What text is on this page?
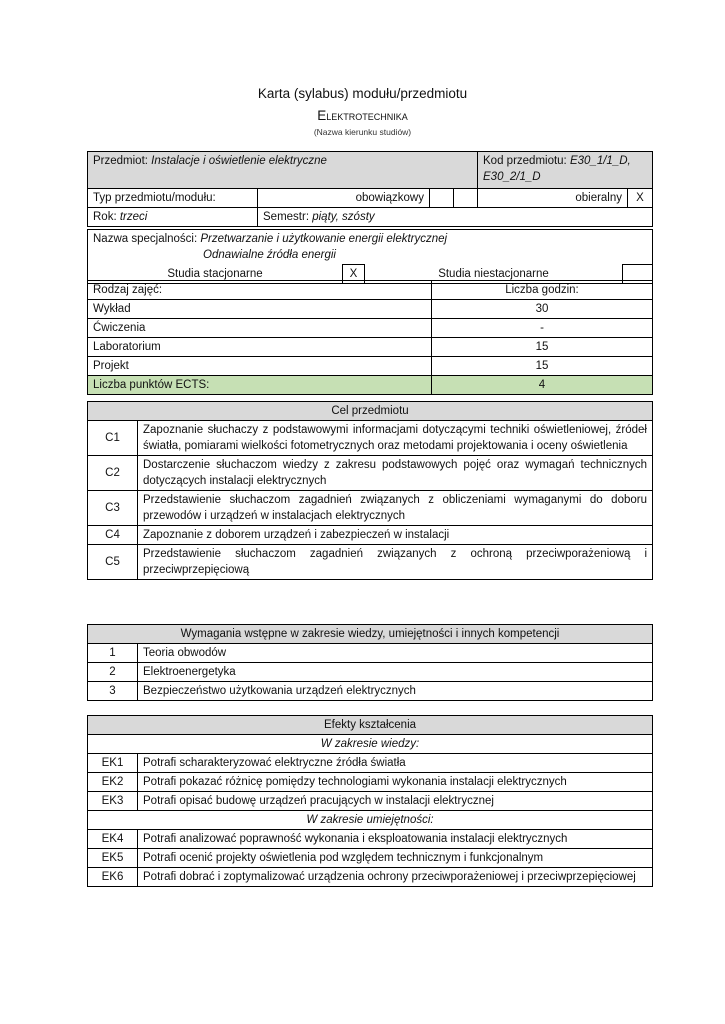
Karta (sylabus) modułu/przedmiotu
Elektrotechnika
(Nazwa kierunku studiów)
Przedmiot: Instalacje i oświetlenie elektryczne				Kod przedmiotu: E30_1/1_D, E30_2/1_D	
Typ przedmiotu/modułu:	obowiązkowy			obieralny	X
Rok: trzeci	Semestr: piąty, szósty				
Nazwa specjalności: Przetwarzanie i użytkowanie energii elektrycznej
Odnawialne źródła energii
Studia stacjonarne	X	Studia niestacjonarne	
Rodzaj zajęć:	Liczba godzin:
Wykład	30
Ćwiczenia	-
Laboratorium	15
Projekt	15
Liczba punktów ECTS:	4
Cel przedmiotu	
C1	Zapoznanie słuchaczy z podstawowymi informacjami dotyczącymi techniki oświetleniowej, źródeł światła, pomiarami wielkości fotometrycznych oraz metodami projektowania i oceny oświetlenia
C2	Dostarczenie słuchaczom wiedzy z zakresu podstawowych pojęć oraz wymagań technicznych dotyczących instalacji elektrycznych
C3	Przedstawienie słuchaczom zagadnień związanych z obliczeniami wymaganymi do doboru przewodów i urządzeń w instalacjach elektrycznych
C4	Zapoznanie z doborem urządzeń i zabezpieczeń w instalacji
C5	Przedstawienie słuchaczom zagadnień związanych z ochroną przeciwporażeniową i przeciwprzepięciową
Wymagania wstępne w zakresie wiedzy, umiejętności i innych kompetencji	
1	Teoria obwodów
2	Elektroenergetyka
3	Bezpieczeństwo użytkowania urządzeń elektrycznych
Efekty kształcenia	
W zakresie wiedzy:	
EK1	Potrafi scharakteryzować elektryczne źródła światła
EK2	Potrafi pokazać różnicę pomiędzy technologiami wykonania instalacji elektrycznych
EK3	Potrafi opisać budowę urządzeń pracujących w instalacji elektrycznej
W zakresie umiejętności:	
EK4	Potrafi analizować poprawność wykonania i eksploatowania instalacji elektrycznych
EK5	Potrafi ocenić projekty oświetlenia pod względem technicznym i funkcjonalnym
EK6	Potrafi dobrać i zoptymalizować urządzenia ochrony przeciwporażeniowej i przeciwprzepięciowej
